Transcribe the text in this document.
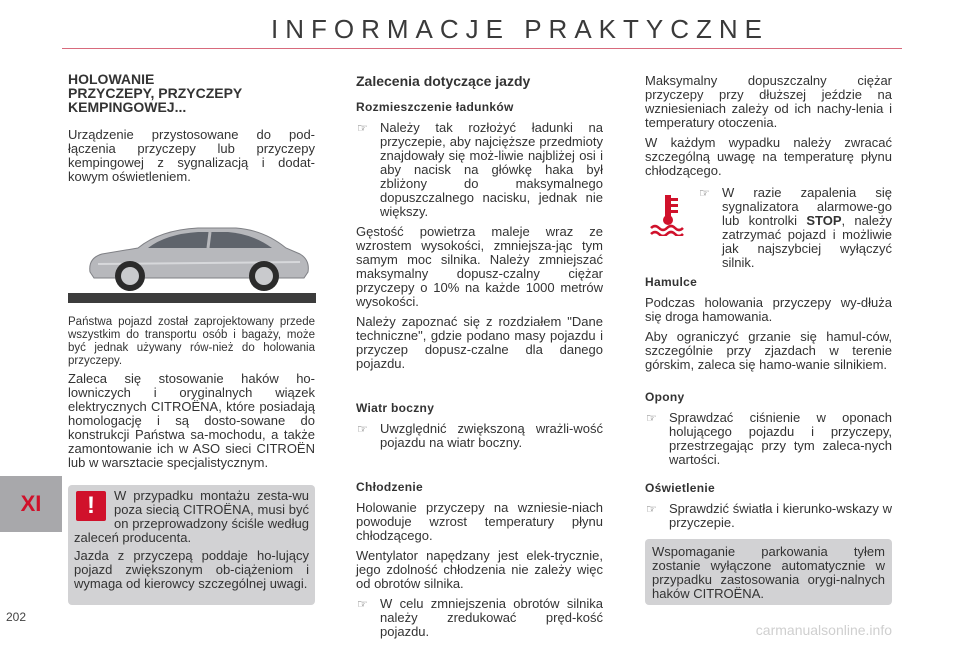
INFORMACJE PRAKTYCZNE
XI
202
carmanualsonline.info
HOLOWANIE
PRZYCZEPY, PRZYCZEPY
KEMPINGOWEJ...

Urządzenie przystosowane do pod-łączenia przyczepy lub przyczepy kempingowej z sygnalizacją i dodat-kowym oświetleniem.

Państwa pojazd został zaprojektowany przede wszystkim do transportu osób i bagaży, może być jednak używany rów-nież do holowania przyczepy.

Zaleca się stosowanie haków ho-lowniczych i oryginalnych wiązek elektrycznych CITROËNA, które posiadają homologację i są dosto-sowane do konstrukcji Państwa sa-mochodu, a także zamontowanie ich w ASO sieci CITROËN lub w warsztacie specjalistycznym.

!	W przypadku montażu zesta-wu poza siecią CITROËNA, musi być on przeprowadzony ściśle według zaleceń producenta.

Jazda z przyczepą poddaje ho-lujący pojazd zwiększonym ob-ciążeniom i wymaga od kierowcy szczególnej uwagi.

Zalecenia dotyczące jazdy
Rozmieszczenie ładunków
☞ Należy tak rozłożyć ładunki na przyczepie, aby najcięższe przedmioty znajdowały się moż-liwie najbliżej osi i aby nacisk na główkę haka był zbliżony do maksymalnego dopuszczalnego nacisku, jednak nie większy.

Gęstość powietrza maleje wraz ze wzrostem wysokości, zmniejsza-jąc tym samym moc silnika. Należy zmniejszać maksymalny dopusz-czalny ciężar przyczepy o 10% na każde 1000 metrów wysokości.

Należy zapoznać się z rozdziałem "Dane techniczne", gdzie podano masy pojazdu i przyczep dopusz-czalne dla danego pojazdu.

Wiatr boczny
☞ Uwzględnić zwiększoną wrażli-wość pojazdu na wiatr boczny.
Chłodzenie

Holowanie przyczepy na wzniesie-niach powoduje wzrost temperatury płynu chłodzącego.

Wentylator napędzany jest elek-trycznie, jego zdolność chłodzenia nie zależy więc od obrotów silnika.

☞ W celu zmniejszenia obrotów silnika należy zredukować pręd-kość pojazdu.

Maksymalny dopuszczalny ciężar przyczepy przy dłuższej jeździe na wzniesieniach zależy od ich nachy-lenia i temperatury otoczenia.

W każdym wypadku należy zwracać szczególną uwagę na temperaturę płynu chłodzącego.

☞ W razie zapalenia się sygnalizatora alarmowe-go lub kontrolki STOP, należy zatrzymać pojazd i możliwie jak najszybciej wyłączyć silnik.
Hamulce

Podczas holowania przyczepy wy-dłuża się droga hamowania.

Aby ograniczyć grzanie się hamul-ców, szczególnie przy zjazdach w terenie górskim, zaleca się hamo-wanie silnikiem.

Opony
☞ Sprawdzać ciśnienie w oponach holującego pojazdu i przyczepy, przestrzegając przy tym zaleca-nych wartości.
Oświetlenie
☞ Sprawdzić światła i kierunko-wskazy w przyczepie.

Wspomaganie parkowania tyłem zostanie wyłączone automatycznie w przypadku zastosowania orygi-nalnych haków CITROËNA.
